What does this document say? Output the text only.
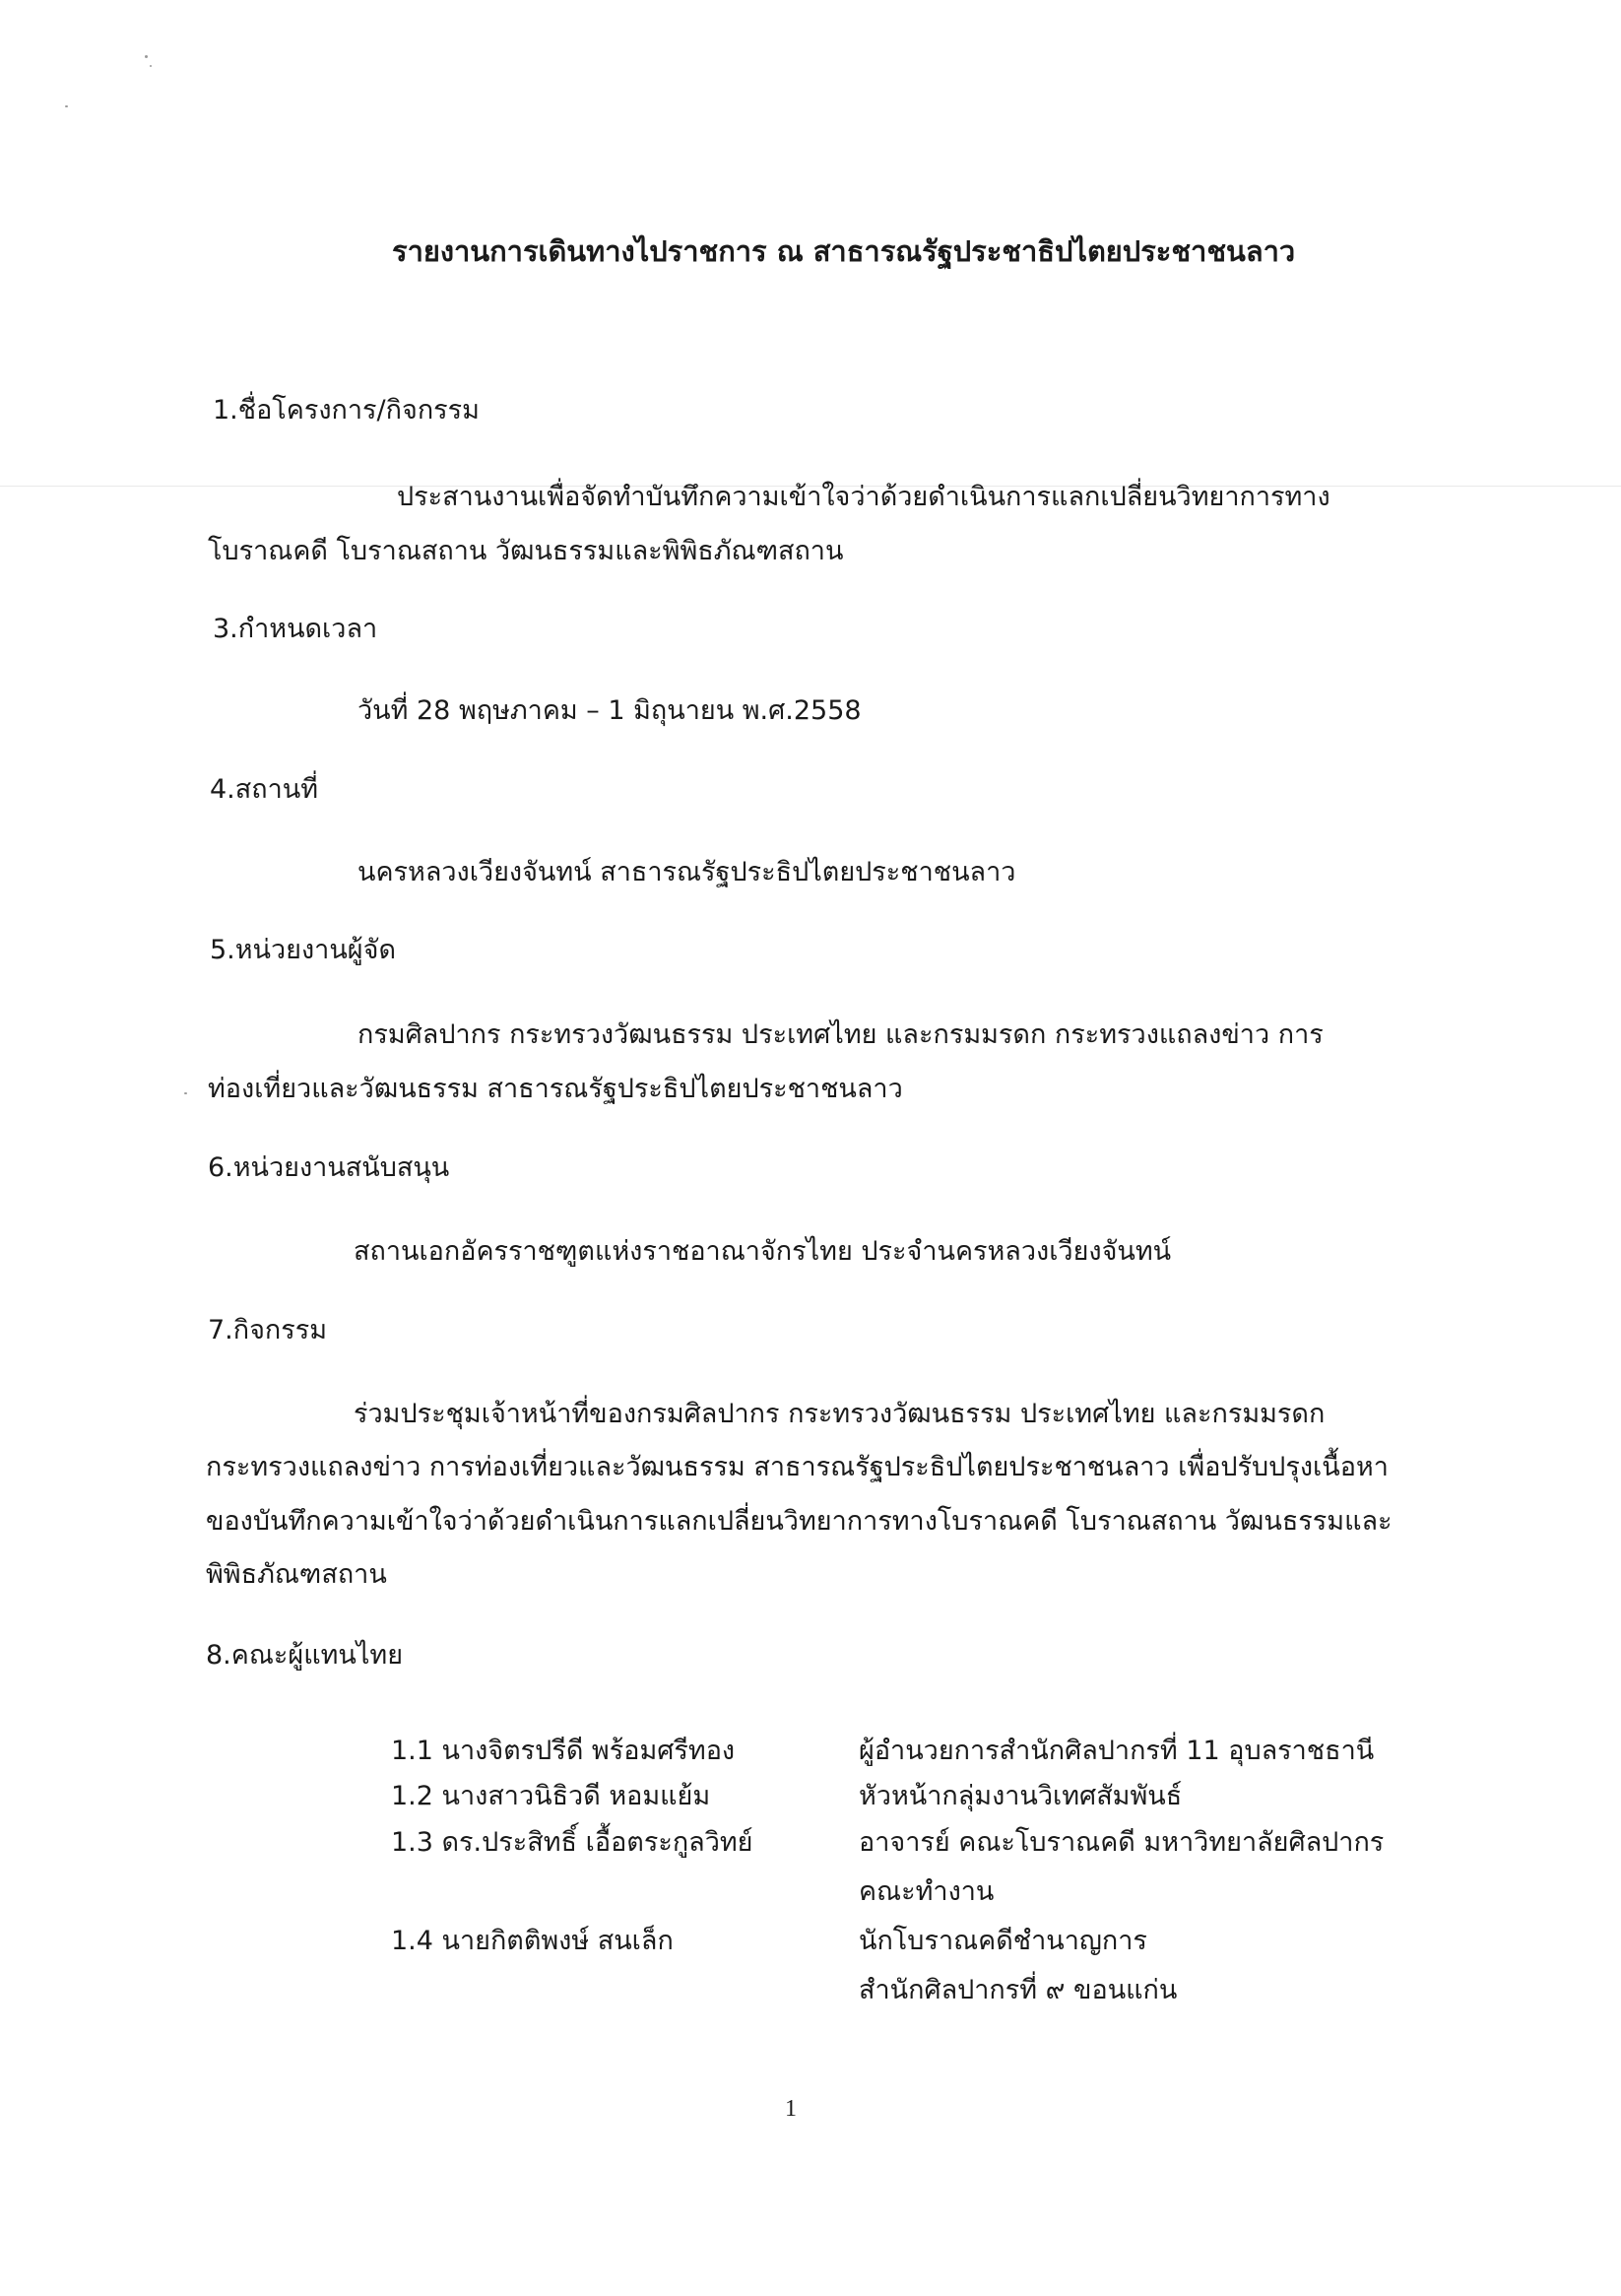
รายงานการเดินทางไปราชการ ณ สาธารณรัฐประชาธิปไตยประชาชนลาว
1.ชื่อโครงการ/กิจกรรม
ประสานงานเพื่อจัดทำบันทึกความเข้าใจว่าด้วยดำเนินการแลกเปลี่ยนวิทยาการทาง
โบราณคดี โบราณสถาน วัฒนธรรมและพิพิธภัณฑสถาน
3.กำหนดเวลา
วันที่ 28 พฤษภาคม – 1 มิถุนายน พ.ศ.2558
4.สถานที่
นครหลวงเวียงจันทน์ สาธารณรัฐประธิปไตยประชาชนลาว
5.หน่วยงานผู้จัด
กรมศิลปากร กระทรวงวัฒนธรรม ประเทศไทย และกรมมรดก กระทรวงแถลงข่าว การ
ท่องเที่ยวและวัฒนธรรม สาธารณรัฐประธิปไตยประชาชนลาว
6.หน่วยงานสนับสนุน
สถานเอกอัครราชฑูตแห่งราชอาณาจักรไทย ประจำนครหลวงเวียงจันทน์
7.กิจกรรม
ร่วมประชุมเจ้าหน้าที่ของกรมศิลปากร กระทรวงวัฒนธรรม ประเทศไทย และกรมมรดก
กระทรวงแถลงข่าว การท่องเที่ยวและวัฒนธรรม สาธารณรัฐประธิปไตยประชาชนลาว เพื่อปรับปรุงเนื้อหา
ของบันทึกความเข้าใจว่าด้วยดำเนินการแลกเปลี่ยนวิทยาการทางโบราณคดี โบราณสถาน วัฒนธรรมและ
พิพิธภัณฑสถาน
8.คณะผู้แทนไทย
1.1 นางจิตรปรีดี พร้อมศรีทอง	ผู้อำนวยการสำนักศิลปากรที่ 11 อุบลราชธานี
1.2 นางสาวนิธิวดี หอมแย้ม	หัวหน้ากลุ่มงานวิเทศสัมพันธ์
1.3 ดร.ประสิทธิ์ เอื้อตระกูลวิทย์	อาจารย์ คณะโบราณคดี มหาวิทยาลัยศิลปากร
คณะทำงาน
1.4 นายกิตติพงษ์ สนเล็ก	นักโบราณคดีชำนาญการ
สำนักศิลปากรที่ ๙ ขอนแก่น
1
